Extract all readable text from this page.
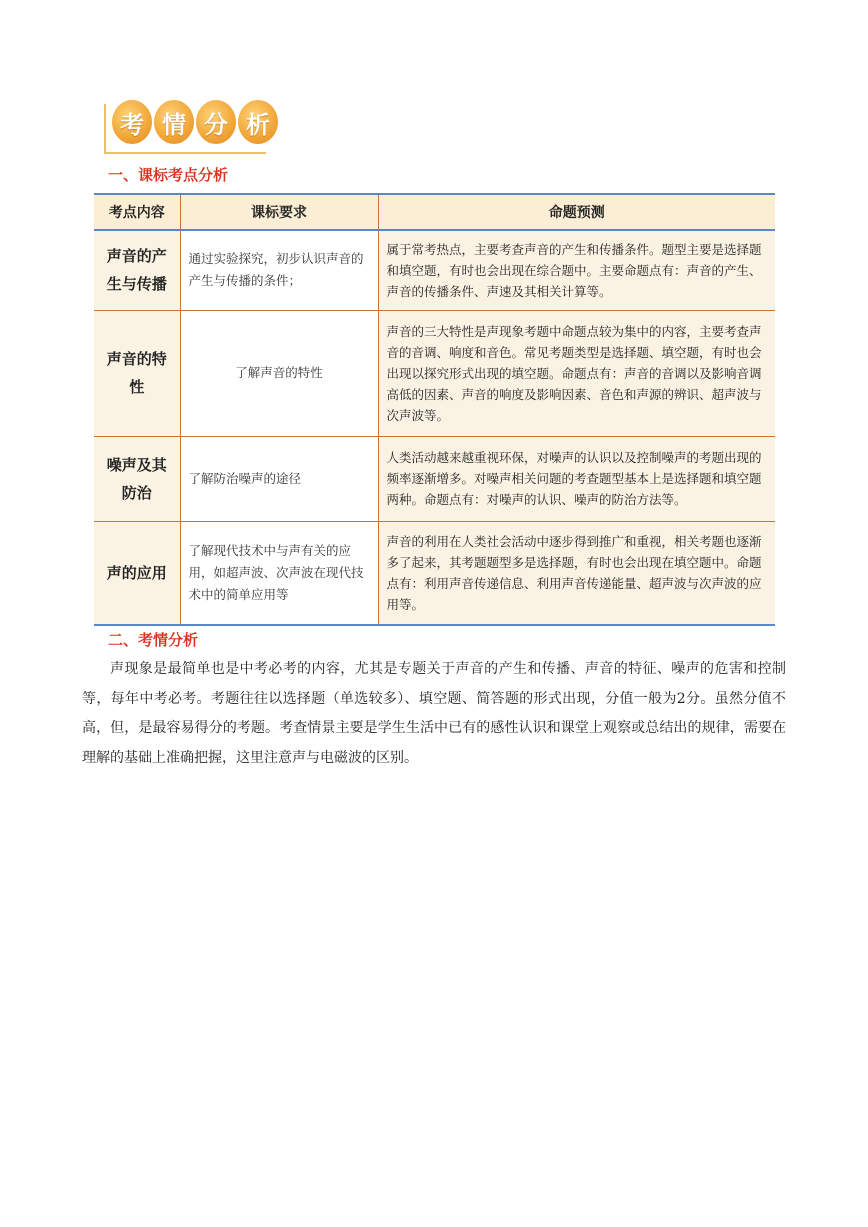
考 情 分 析
一、课标考点分析
考点内容	课标要求	命题预测
声音的产生与传播	通过实验探究，初步认识声音的产生与传播的条件；	属于常考热点，主要考查声音的产生和传播条件。题型主要是选择题和填空题，有时也会出现在综合题中。主要命题点有：声音的产生、声音的传播条件、声速及其相关计算等。
声音的特性	了解声音的特性	声音的三大特性是声现象考题中命题点较为集中的内容，主要考查声音的音调、响度和音色。常见考题类型是选择题、填空题，有时也会出现以探究形式出现的填空题。命题点有：声音的音调以及影响音调高低的因素、声音的响度及影响因素、音色和声源的辨识、超声波与次声波等。
噪声及其防治	了解防治噪声的途径	人类活动越来越重视环保，对噪声的认识以及控制噪声的考题出现的频率逐渐增多。对噪声相关问题的考查题型基本上是选择题和填空题两种。命题点有：对噪声的认识、噪声的防治方法等。
声的应用	了解现代技术中与声有关的应用，如超声波、次声波在现代技术中的简单应用等	声音的利用在人类社会活动中逐步得到推广和重视，相关考题也逐渐多了起来，其考题题型多是选择题，有时也会出现在填空题中。命题点有：利用声音传递信息、利用声音传递能量、超声波与次声波的应用等。
二、考情分析

声现象是最简单也是中考必考的内容，尤其是专题关于声音的产生和传播、声音的特征、噪声的危害和控制等，每年中考必考。考题往往以选择题（单选较多）、填空题、简答题的形式出现，分值一般为2分。虽然分值不高，但，是最容易得分的考题。考查情景主要是学生生活中已有的感性认识和课堂上观察或总结出的规律，需要在理解的基础上准确把握，这里注意声与电磁波的区别。
